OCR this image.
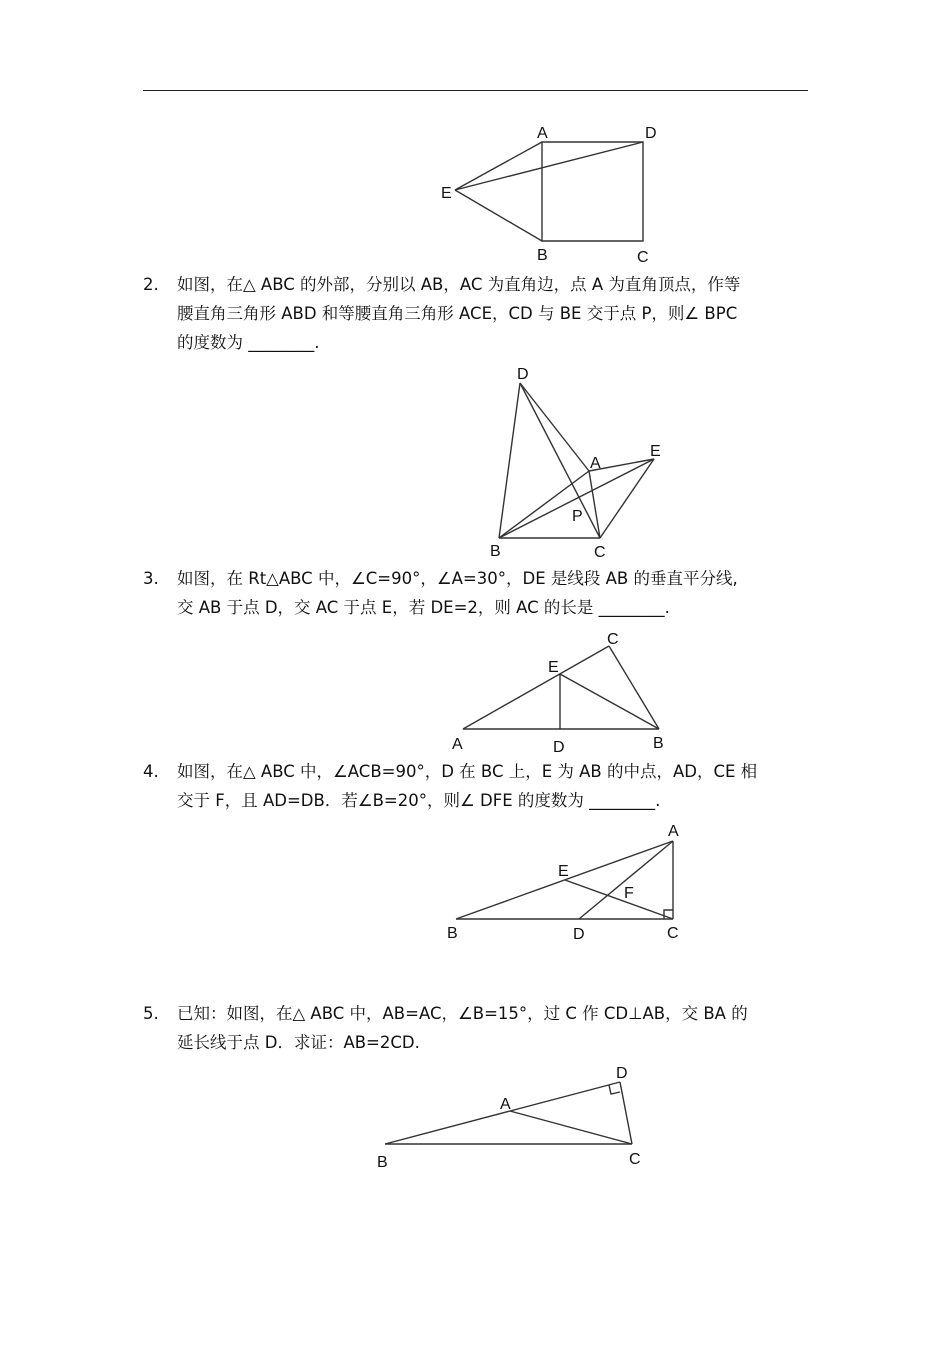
A	D
E
B	C
D
A
E
P
B	C
C
E
A	D	B
A
E
F
B	D	C
D
A
B	C
2. 如图，在△ ABC 的外部，分别以 AB，AC 为直角边，点 A 为直角顶点，作等
腰直角三角形 ABD 和等腰直角三角形 ACE，CD 与 BE 交于点 P，则∠ BPC
的度数为 ________.
3. 如图，在 Rt△ABC 中，∠C=90°，∠A=30°，DE 是线段 AB 的垂直平分线,
交 AB 于点 D，交 AC 于点 E，若 DE=2，则 AC 的长是 ________.
4. 如图，在△ ABC 中，∠ACB=90°，D 在 BC 上，E 为 AB 的中点，AD，CE 相
交于 F，且 AD=DB．若∠B=20°，则∠ DFE 的度数为 ________.
5. 已知：如图，在△ ABC 中，AB=AC，∠B=15°，过 C 作 CD⊥AB，交 BA 的
延长线于点 D．求证：AB=2CD.
